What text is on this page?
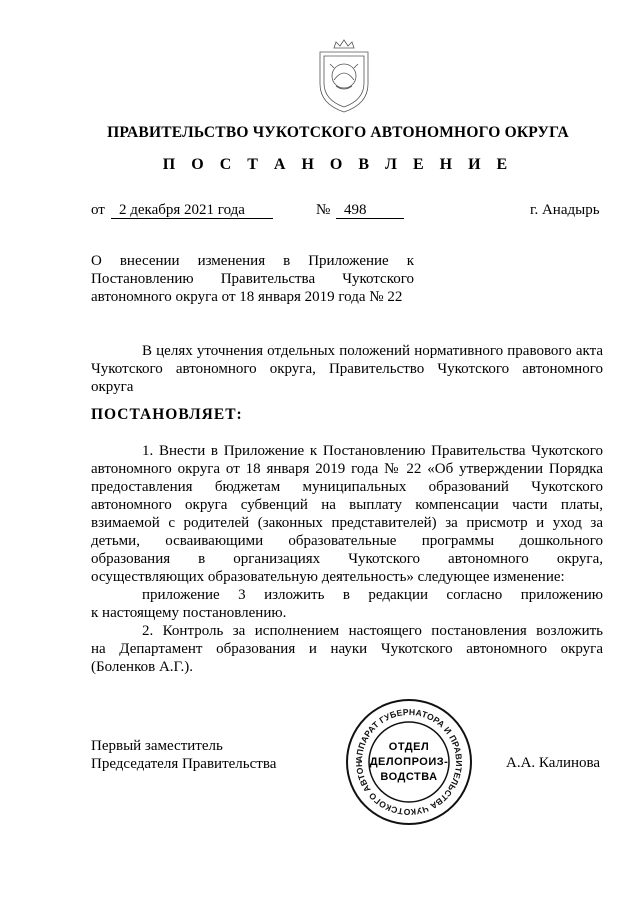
ПРАВИТЕЛЬСТВО ЧУКОТСКОГО АВТОНОМНОГО ОКРУГА
П О С Т А Н О В Л Е Н И Е
от 2 декабря 2021 года	№ 498	г. Анадырь
О внесении изменения в Приложение к
Постановлению Правительства Чукотского
автономного округа от 18 января 2019 года № 22
В целях уточнения отдельных положений нормативного правового акта
Чукотского автономного округа, Правительство Чукотского автономного
округа
ПОСТАНОВЛЯЕТ:
1. Внести в Приложение к Постановлению Правительства Чукотского
автономного округа от 18 января 2019 года № 22 «Об утверждении Порядка
предоставления бюджетам муниципальных образований Чукотского
автономного округа субвенций на выплату компенсации части платы,
взимаемой с родителей (законных представителей) за присмотр и уход за
детьми, осваивающими образовательные программы дошкольного
образования в организациях Чукотского автономного округа,
осуществляющих образовательную деятельность» следующее изменение:
приложение 3 изложить в редакции согласно приложению
к настоящему постановлению.
2. Контроль за исполнением настоящего постановления возложить
на Департамент образования и науки Чукотского автономного округа
(Боленков А.Г.).
Первый заместитель
Председателя Правительства	А.А. Калинова
АППАРАТ ГУБЕРНАТОРА И ПРАВИТЕЛЬСТВА ЧУКОТСКОГО АВТОН
ОТДЕЛ
ДЕЛОПРОИЗ-
ВОДСТВА
